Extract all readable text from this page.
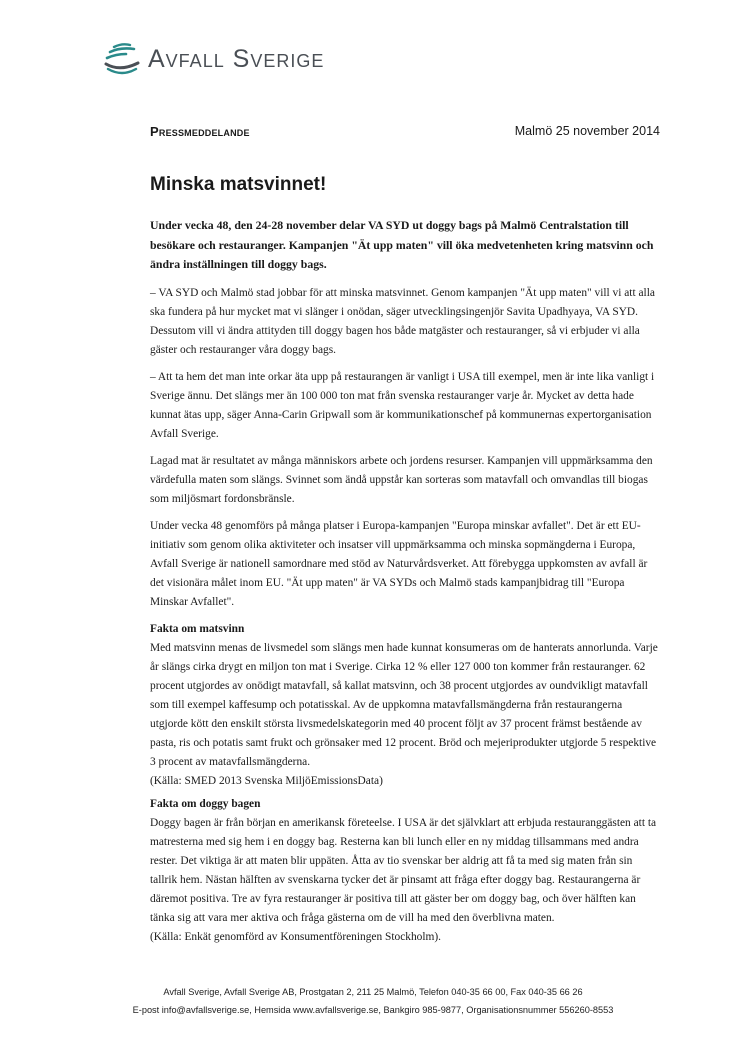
Avfall Sverige
Pressmeddelande	Malmö 25 november 2014
Minska matsvinnet!

Under vecka 48, den 24-28 november delar VA SYD ut doggy bags på Malmö Centralstation till besökare och restauranger. Kampanjen "Ät upp maten" vill öka medvetenheten kring matsvinn och ändra inställningen till doggy bags.

– VA SYD och Malmö stad jobbar för att minska matsvinnet. Genom kampanjen "Ät upp maten" vill vi att alla ska fundera på hur mycket mat vi slänger i onödan, säger utvecklingsingenjör Savita Upadhyaya, VA SYD. Dessutom vill vi ändra attityden till doggy bagen hos både matgäster och restauranger, så vi erbjuder vi alla gäster och restauranger våra doggy bags.

– Att ta hem det man inte orkar äta upp på restaurangen är vanligt i USA till exempel, men är inte lika vanligt i Sverige ännu. Det slängs mer än 100 000 ton mat från svenska restauranger varje år. Mycket av detta hade kunnat ätas upp, säger Anna-Carin Gripwall som är kommunikationschef på kommunernas expertorganisation Avfall Sverige.

Lagad mat är resultatet av många människors arbete och jordens resurser. Kampanjen vill uppmärksamma den värdefulla maten som slängs. Svinnet som ändå uppstår kan sorteras som matavfall och omvandlas till biogas som miljösmart fordonsbränsle.

Under vecka 48 genomförs på många platser i Europa-kampanjen "Europa minskar avfallet". Det är ett EU-initiativ som genom olika aktiviteter och insatser vill uppmärksamma och minska sopmängderna i Europa, Avfall Sverige är nationell samordnare med stöd av Naturvårdsverket. Att förebygga uppkomsten av avfall är det visionära målet inom EU. "Ät upp maten" är VA SYDs och Malmö stads kampanjbidrag till "Europa Minskar Avfallet".

Fakta om matsvinn

Med matsvinn menas de livsmedel som slängs men hade kunnat konsumeras om de hanterats annorlunda. Varje år slängs cirka drygt en miljon ton mat i Sverige. Cirka 12 % eller 127 000 ton kommer från restauranger. 62 procent utgjordes av onödigt matavfall, så kallat matsvinn, och 38 procent utgjordes av oundvikligt matavfall som till exempel kaffesump och potatisskal. Av de uppkomna matavfallsmängderna från restaurangerna utgjorde kött den enskilt största livsmedelskategorin med 40 procent följt av 37 procent främst bestående av pasta, ris och potatis samt frukt och grönsaker med 12 procent. Bröd och mejeriprodukter utgjorde 5 respektive 3 procent av matavfallsmängderna.
(Källa: SMED 2013 Svenska MiljöEmissionsData)

Fakta om doggy bagen

Doggy bagen är från början en amerikansk företeelse. I USA är det självklart att erbjuda restauranggästen att ta matresterna med sig hem i en doggy bag. Resterna kan bli lunch eller en ny middag tillsammans med andra rester. Det viktiga är att maten blir uppäten. Åtta av tio svenskar ber aldrig att få ta med sig maten från sin tallrik hem. Nästan hälften av svenskarna tycker det är pinsamt att fråga efter doggy bag. Restaurangerna är däremot positiva. Tre av fyra restauranger är positiva till att gäster ber om doggy bag, och över hälften kan tänka sig att vara mer aktiva och fråga gästerna om de vill ha med den överblivna maten.
(Källa: Enkät genomförd av Konsumentföreningen Stockholm).

Avfall Sverige, Avfall Sverige AB, Prostgatan 2, 211 25 Malmö, Telefon 040-35 66 00, Fax 040-35 66 26
E-post info@avfallsverige.se, Hemsida www.avfallsverige.se, Bankgiro 985-9877, Organisationsnummer 556260-8553
